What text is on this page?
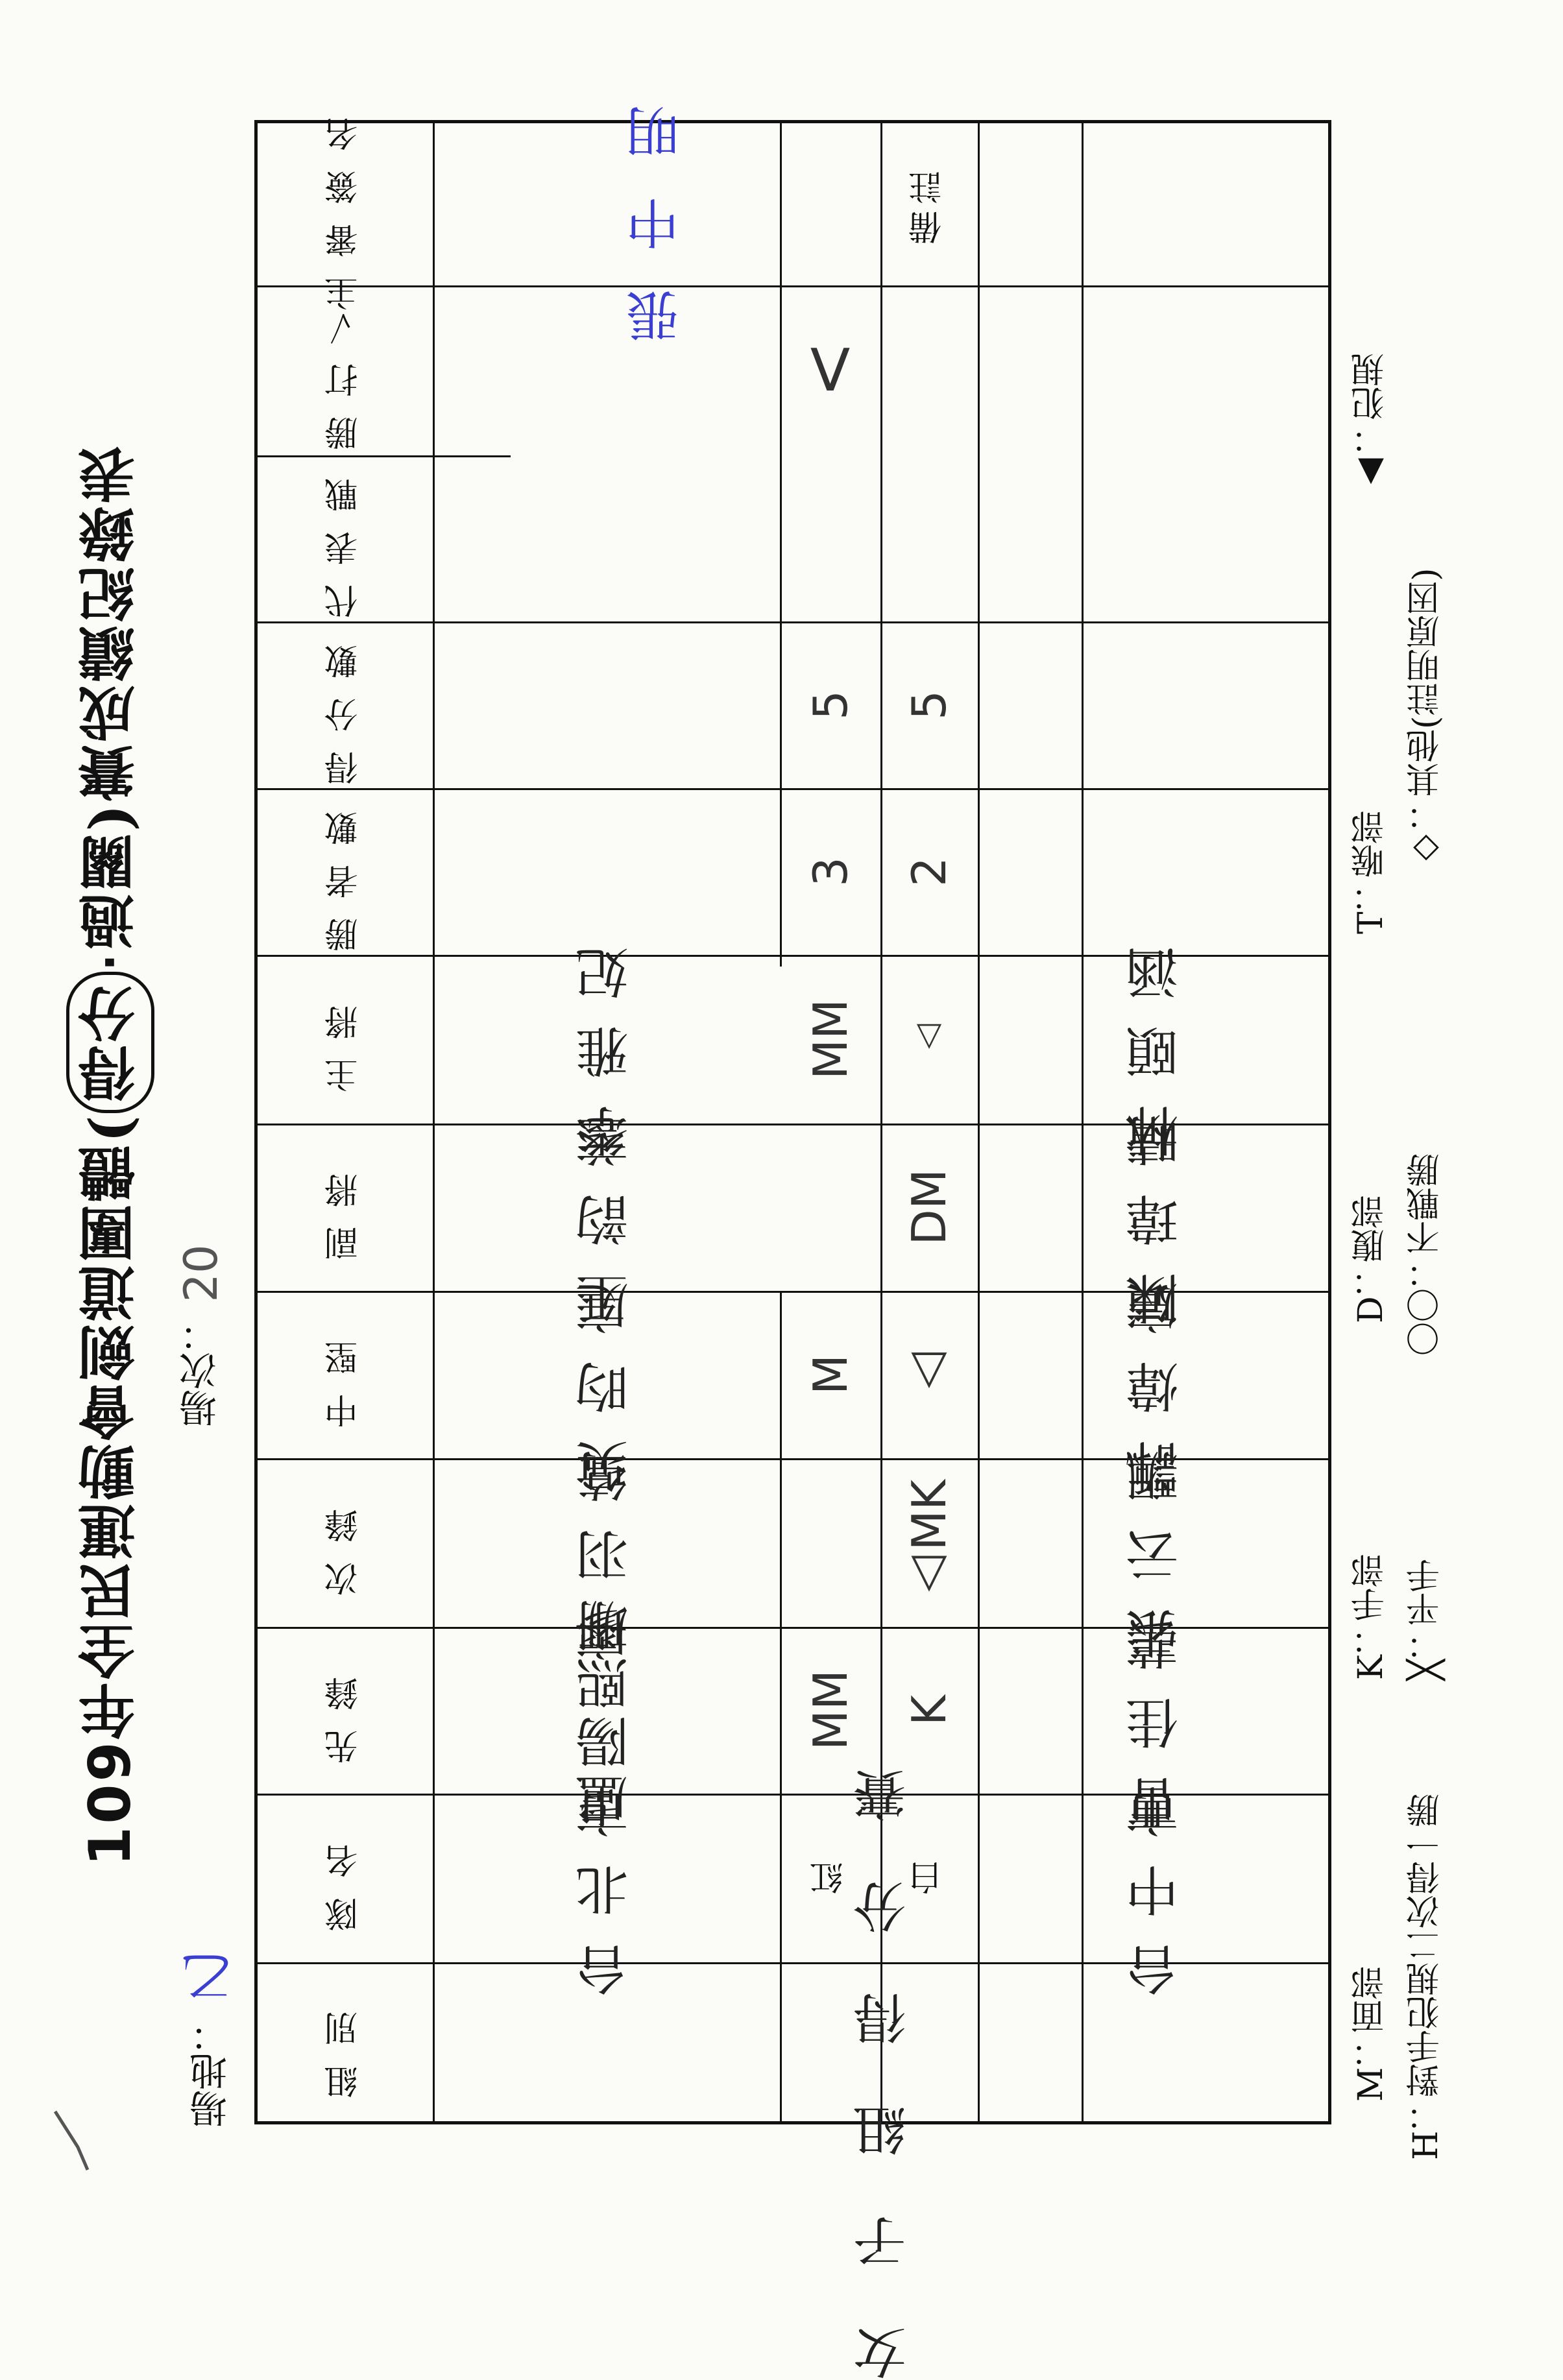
109年全民運動會劍道團體(得分‧過關)賽成績紀錄表
場地： 乙
場次： 20
組別
隊名
先鋒
次鋒
中堅
副將
主將
勝者數
得分數
代表戰
勝打✓
主審簽名	備註
女子組得分賽
台北市
盧陽熙珊
廖羽绮
吳昀庭
王韵慈
李雅妃
紅
MM
M
MM
3
5
V
白
K
△MK
△
DM
△
2
5
台中市
曹佳芸
張云飄
許煒宸
陳瑋晴
林頤涵
張中明
M：面部
K：手部
D：腹部
T：喉部
▲：犯規
H：對手犯規二次得一勝
╳：平手
〇〇：不戰勝
◇：其他(註明原因)
